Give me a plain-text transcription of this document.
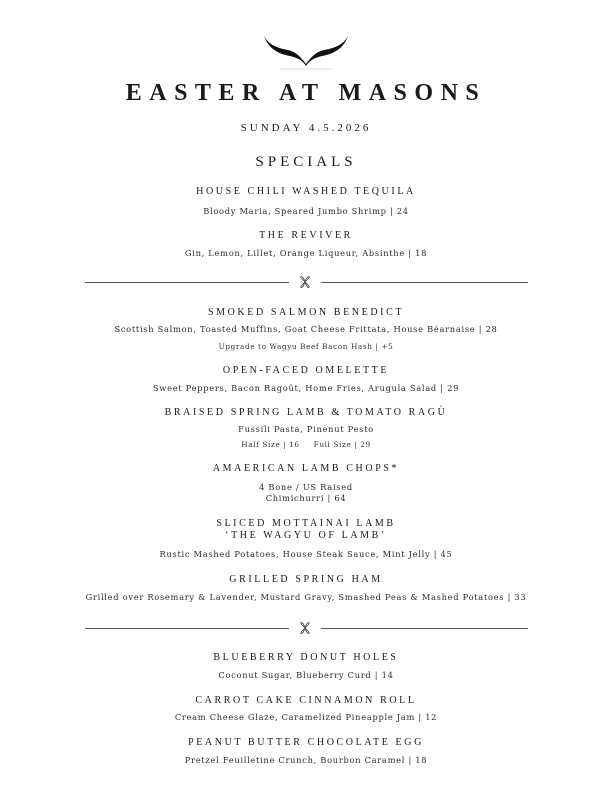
EASTER AT MASONS
SUNDAY 4.5.2026
SPECIALS
HOUSE CHILI WASHED TEQUILA
Bloody Maria, Speared Jumbo Shrimp | 24
THE REVIVER
Gin, Lemon, Lillet, Orange Liqueur, Absinthe | 18
SMOKED SALMON BENEDICT
Scottish Salmon, Toasted Muffins, Goat Cheese Frittata, House Béarnaise | 28
Upgrade to Wagyu Beef Bacon Hash | +5
OPEN-FACED OMELETTE
Sweet Peppers, Bacon Ragoût, Home Fries, Arugula Salad | 29
BRAISED SPRING LAMB & TOMATO RAGÙ
Fussili Pasta, Pinenut Pesto
Half Size | 16 Full Size | 29
AMAERICAN LAMB CHOPS*
4 Bone / US Raised
Chimichurri | 64
SLICED MOTTAINAI LAMB
‘THE WAGYU OF LAMB’
Rustic Mashed Potatoes, House Steak Sauce, Mint Jelly | 45
GRILLED SPRING HAM
Grilled over Rosemary & Lavender, Mustard Gravy, Smashed Peas & Mashed Potatoes | 33
BLUEBERRY DONUT HOLES
Coconut Sugar, Blueberry Curd | 14
CARROT CAKE CINNAMON ROLL
Cream Cheese Glaze, Caramelized Pineapple Jam | 12
PEANUT BUTTER CHOCOLATE EGG
Pretzel Feuilletine Crunch, Bourbon Caramel | 18
